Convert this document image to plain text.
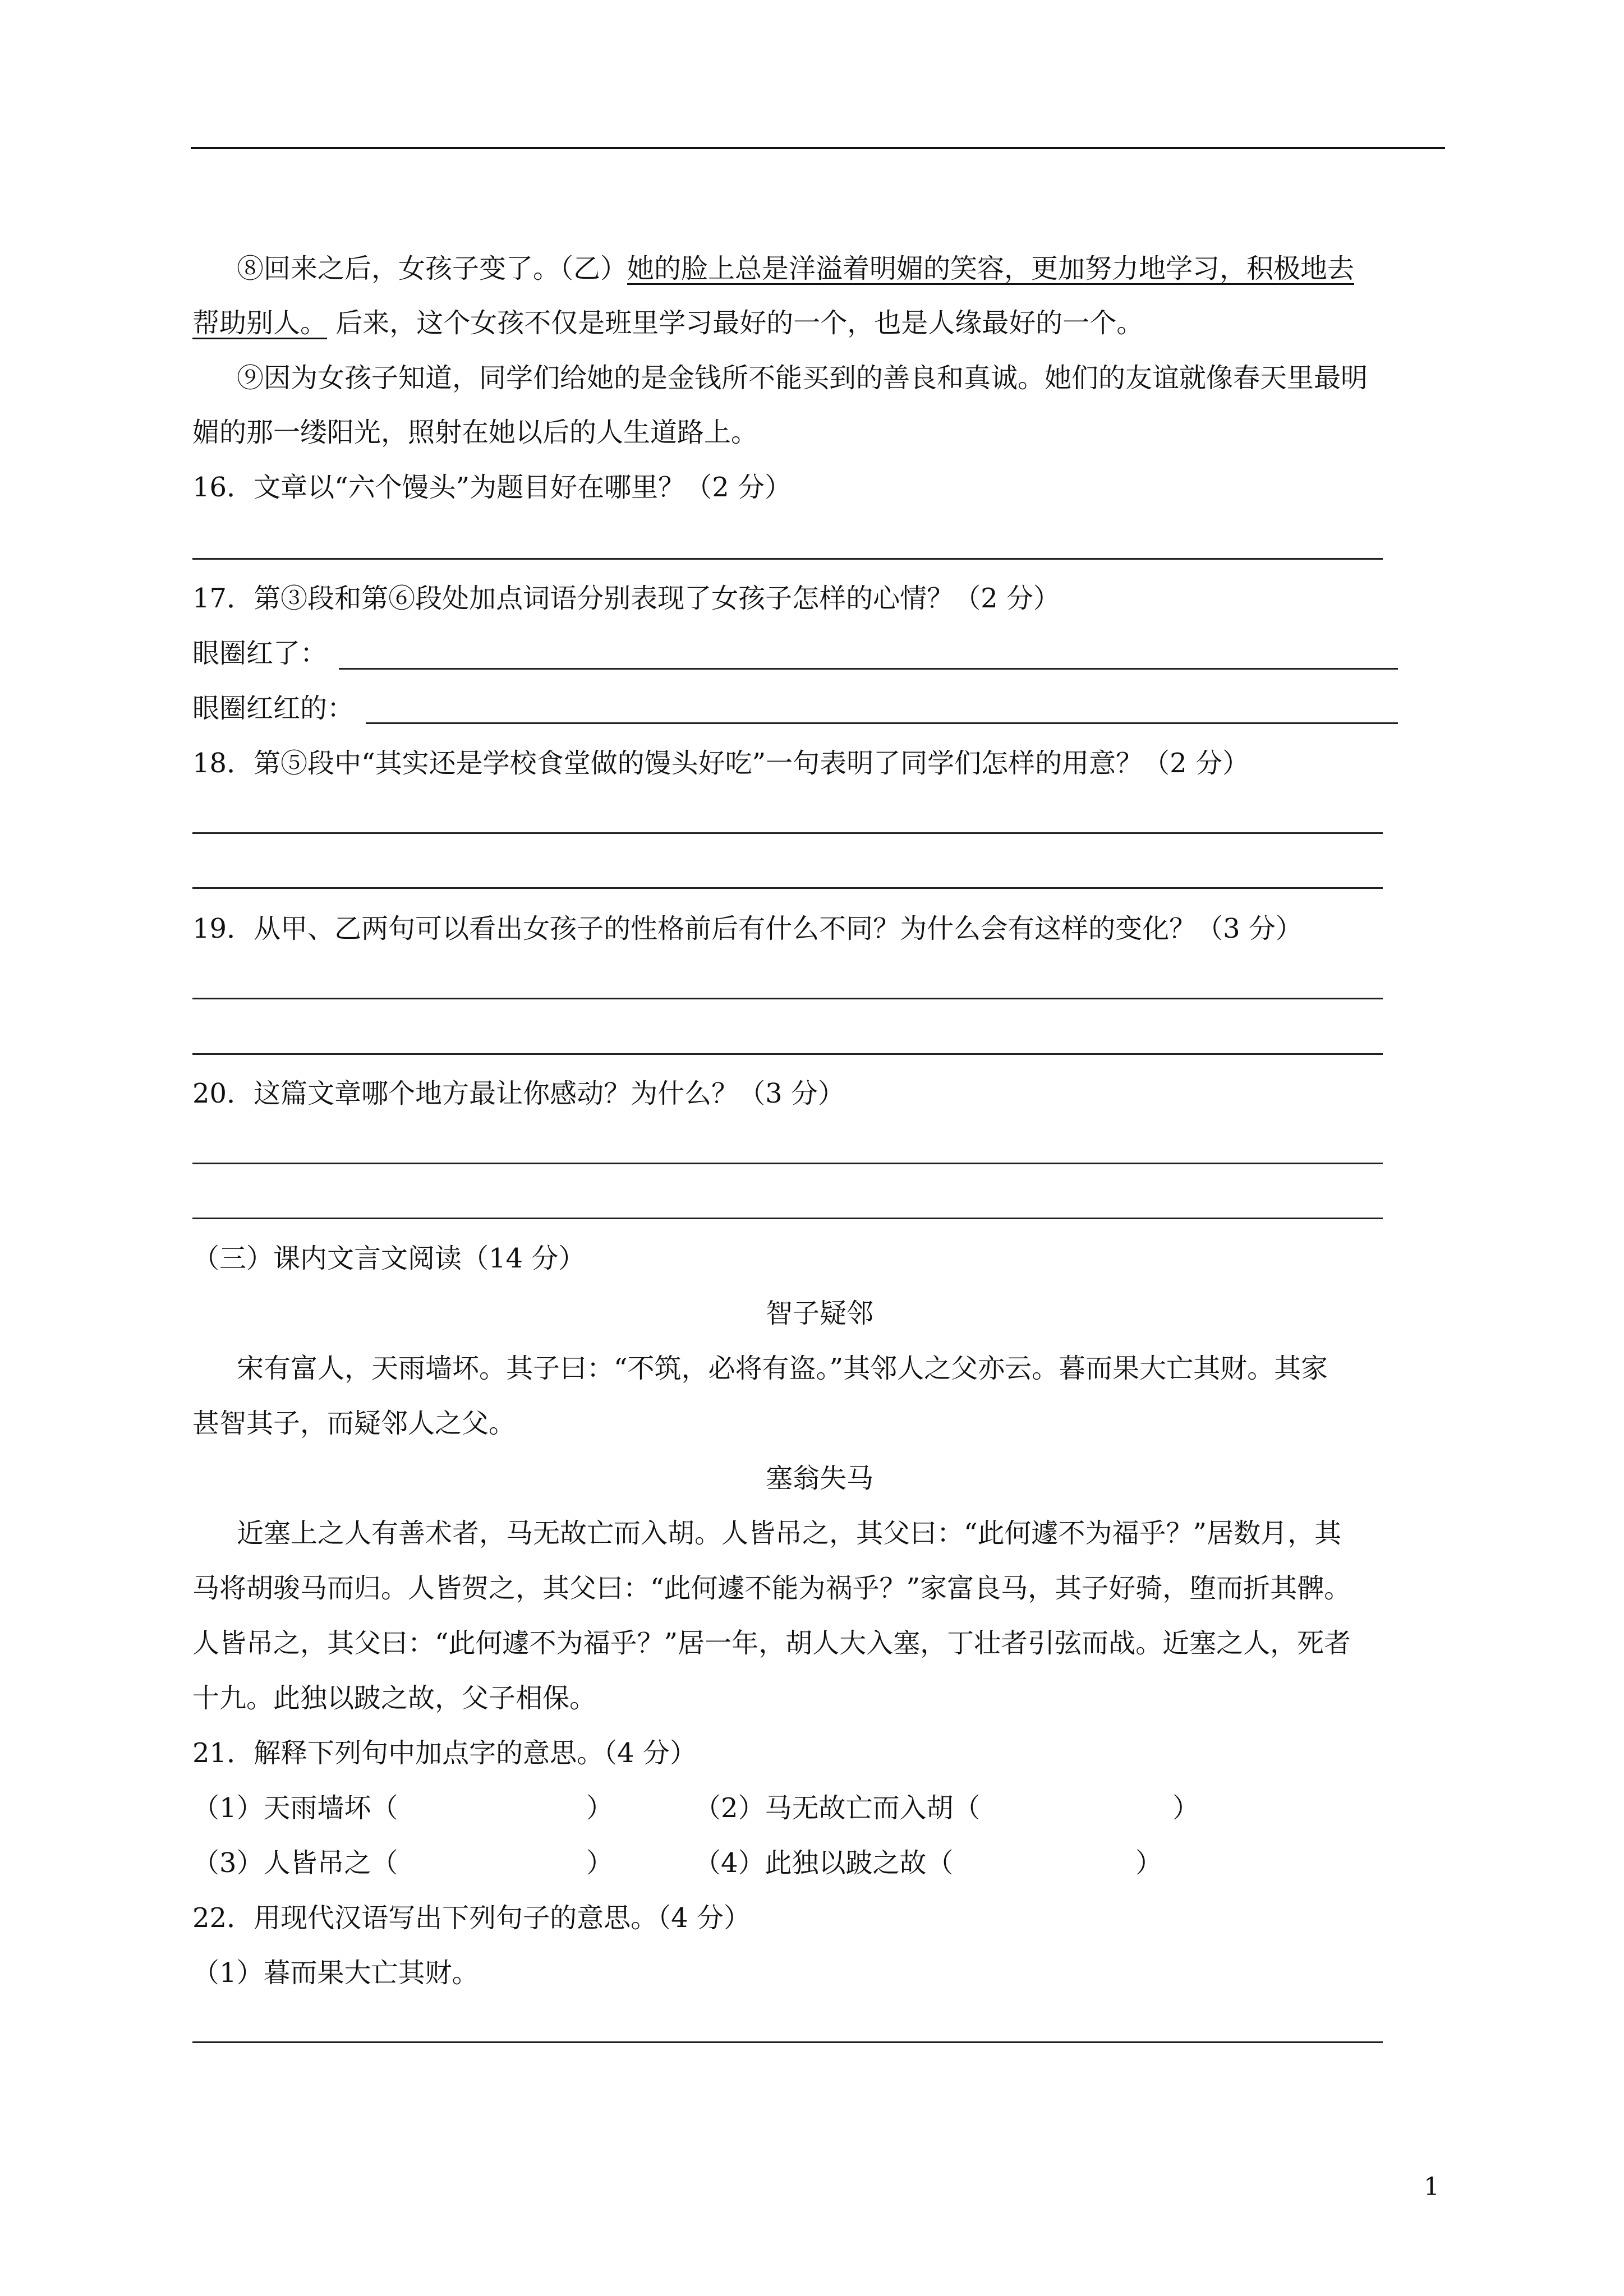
⑧回来之后，女孩子变了。（乙）她的脸上总是洋溢着明媚的笑容，更加努力地学习，积极地去
帮助别人。 后来，这个女孩不仅是班里学习最好的一个，也是人缘最好的一个。
⑨因为女孩子知道，同学们给她的是金钱所不能买到的善良和真诚。她们的友谊就像春天里最明
媚的那一缕阳光，照射在她以后的人生道路上。
16．文章以“六个馒头”为题目好在哪里？（2 分）
17．第③段和第⑥段处加点词语分别表现了女孩子怎样的心情？（2 分）
眼圈红了：
眼圈红红的：
18．第⑤段中“其实还是学校食堂做的馒头好吃”一句表明了同学们怎样的用意？（2 分）
19．从甲、乙两句可以看出女孩子的性格前后有什么不同？为什么会有这样的变化？（3 分）
20．这篇文章哪个地方最让你感动？为什么？（3 分）
（三）课内文言文阅读（14 分）
智子疑邻
宋有富人，天雨墙坏。其子曰：“不筑，必将有盗。”其邻人之父亦云。暮而果大亡其财。其家
甚智其子，而疑邻人之父。
塞翁失马
近塞上之人有善术者，马无故亡而入胡。人皆吊之，其父曰：“此何遽不为福乎？”居数月，其
马将胡骏马而归。人皆贺之，其父曰：“此何遽不能为祸乎？”家富良马，其子好骑，堕而折其髀。
人皆吊之，其父曰：“此何遽不为福乎？”居一年，胡人大入塞，丁壮者引弦而战。近塞之人，死者
十九。此独以跛之故，父子相保。
21．解释下列句中加点字的意思。（4 分）
（1）天雨墙坏（	）	（2）马无故亡而入胡（	）
（3）人皆吊之（	）	（4）此独以跛之故（	）
22．用现代汉语写出下列句子的意思。（4 分）
（1）暮而果大亡其财。
1
